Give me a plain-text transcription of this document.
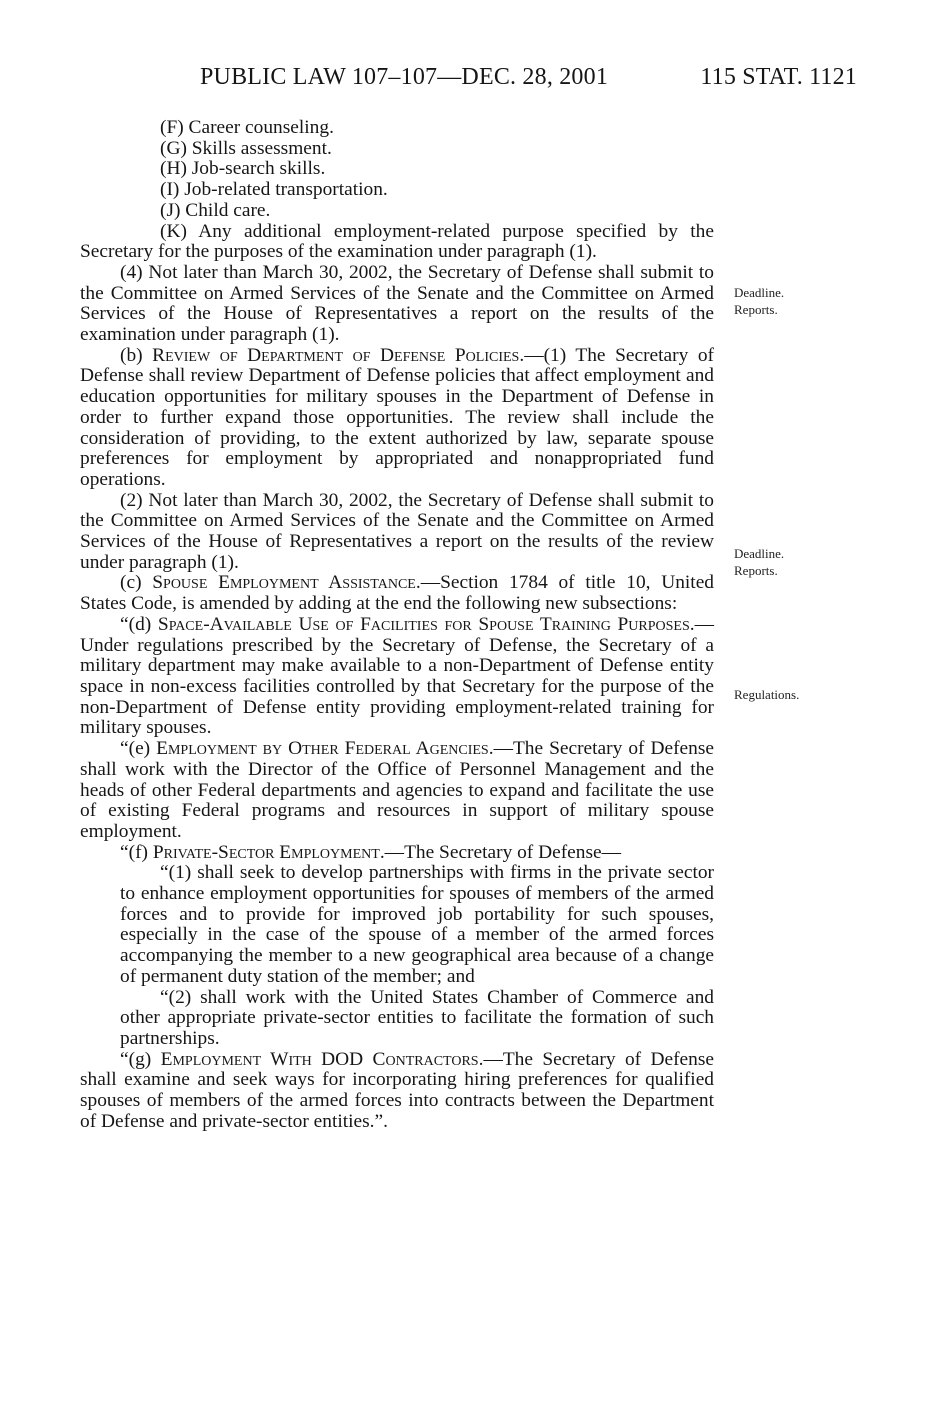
PUBLIC LAW 107–107—DEC. 28, 2001	115 STAT. 1121

(F) Career counseling.

(G) Skills assessment.

(H) Job-search skills.

(I) Job-related transportation.

(J) Child care.

(K) Any additional employment-related purpose specified by the Secretary for the purposes of the examination under paragraph (1).

(4) Not later than March 30, 2002, the Secretary of Defense shall submit to the Committee on Armed Services of the Senate and the Committee on Armed Services of the House of Representatives a report on the results of the examination under paragraph (1).

(b) Review of Department of Defense Policies.—(1) The Secretary of Defense shall review Department of Defense policies that affect employment and education opportunities for military spouses in the Department of Defense in order to further expand those opportunities. The review shall include the consideration of providing, to the extent authorized by law, separate spouse preferences for employment by appropriated and nonappropriated fund operations.

(2) Not later than March 30, 2002, the Secretary of Defense shall submit to the Committee on Armed Services of the Senate and the Committee on Armed Services of the House of Representatives a report on the results of the review under paragraph (1).

(c) Spouse Employment Assistance.—Section 1784 of title 10, United States Code, is amended by adding at the end the following new subsections:

“(d) Space-Available Use of Facilities for Spouse Training Purposes.—Under regulations prescribed by the Secretary of Defense, the Secretary of a military department may make available to a non-Department of Defense entity space in non-excess facilities controlled by that Secretary for the purpose of the non-Department of Defense entity providing employment-related training for military spouses.

“(e) Employment by Other Federal Agencies.—The Secretary of Defense shall work with the Director of the Office of Personnel Management and the heads of other Federal departments and agencies to expand and facilitate the use of existing Federal programs and resources in support of military spouse employment.

“(f) Private-Sector Employment.—The Secretary of Defense—

“(1) shall seek to develop partnerships with firms in the private sector to enhance employment opportunities for spouses of members of the armed forces and to provide for improved job portability for such spouses, especially in the case of the spouse of a member of the armed forces accompanying the member to a new geographical area because of a change of permanent duty station of the member; and

“(2) shall work with the United States Chamber of Commerce and other appropriate private-sector entities to facilitate the formation of such partnerships.

“(g) Employment With DOD Contractors.—The Secretary of Defense shall examine and seek ways for incorporating hiring preferences for qualified spouses of members of the armed forces into contracts between the Department of Defense and private-sector entities.”.

Deadline.
Reports.
Deadline.
Reports.
Regulations.
